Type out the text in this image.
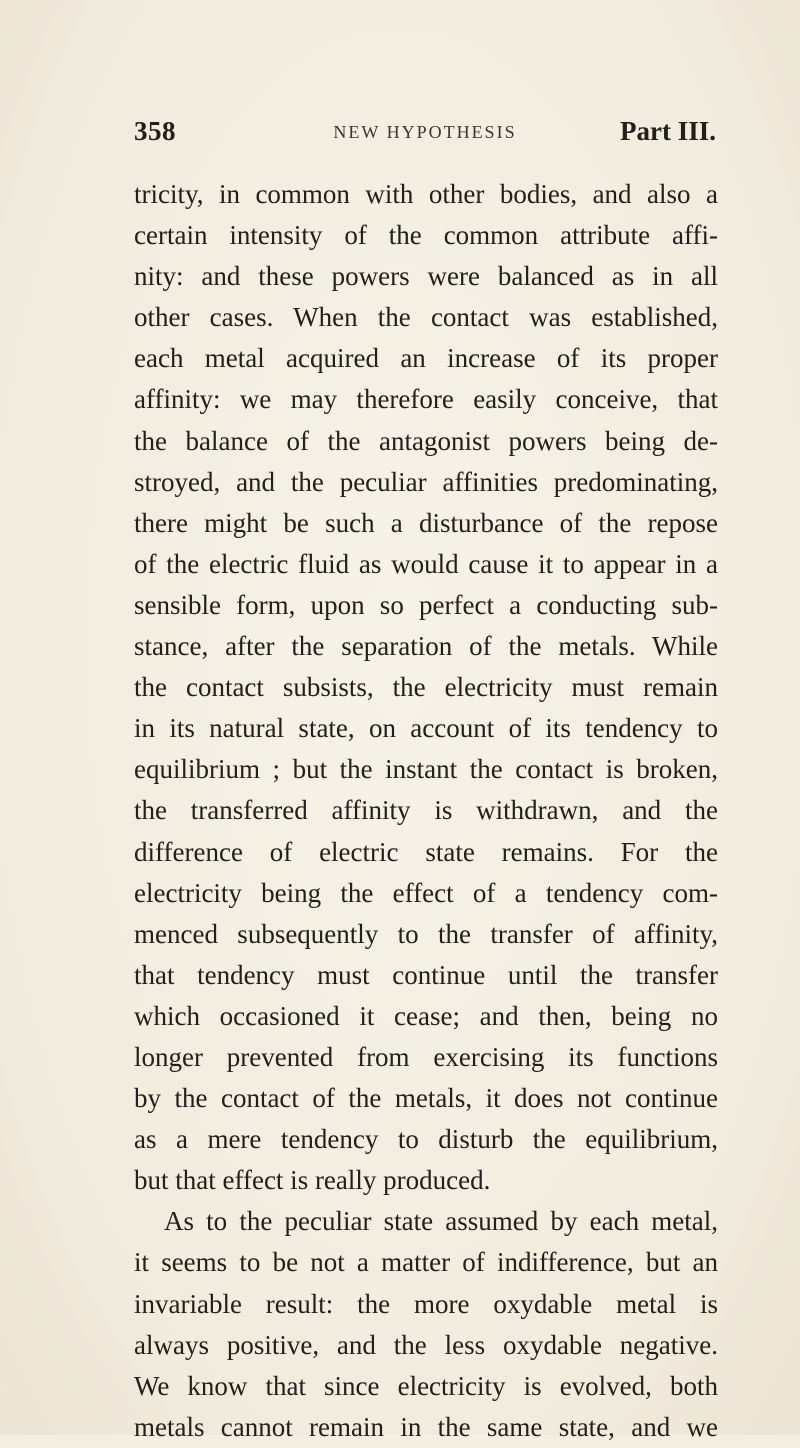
358	NEW HYPOTHESIS	Part III.
tricity, in common with other bodies, and also a
certain intensity of the common attribute affi-
nity: and these powers were balanced as in all
other cases. When the contact was established,
each metal acquired an increase of its proper
affinity: we may therefore easily conceive, that
the balance of the antagonist powers being de-
stroyed, and the peculiar affinities predominating,
there might be such a disturbance of the repose
of the electric fluid as would cause it to appear in a
sensible form, upon so perfect a conducting sub-
stance, after the separation of the metals. While
the contact subsists, the electricity must remain
in its natural state, on account of its tendency to
equilibrium ; but the instant the contact is broken,
the transferred affinity is withdrawn, and the
difference of electric state remains. For the
electricity being the effect of a tendency com-
menced subsequently to the transfer of affinity,
that tendency must continue until the transfer
which occasioned it cease; and then, being no
longer prevented from exercising its functions
by the contact of the metals, it does not continue
as a mere tendency to disturb the equilibrium,
but that effect is really produced.
As to the peculiar state assumed by each metal,
it seems to be not a matter of indifference, but an
invariable result: the more oxydable metal is
always positive, and the less oxydable negative.
We know that since electricity is evolved, both
metals cannot remain in the same state, and we
